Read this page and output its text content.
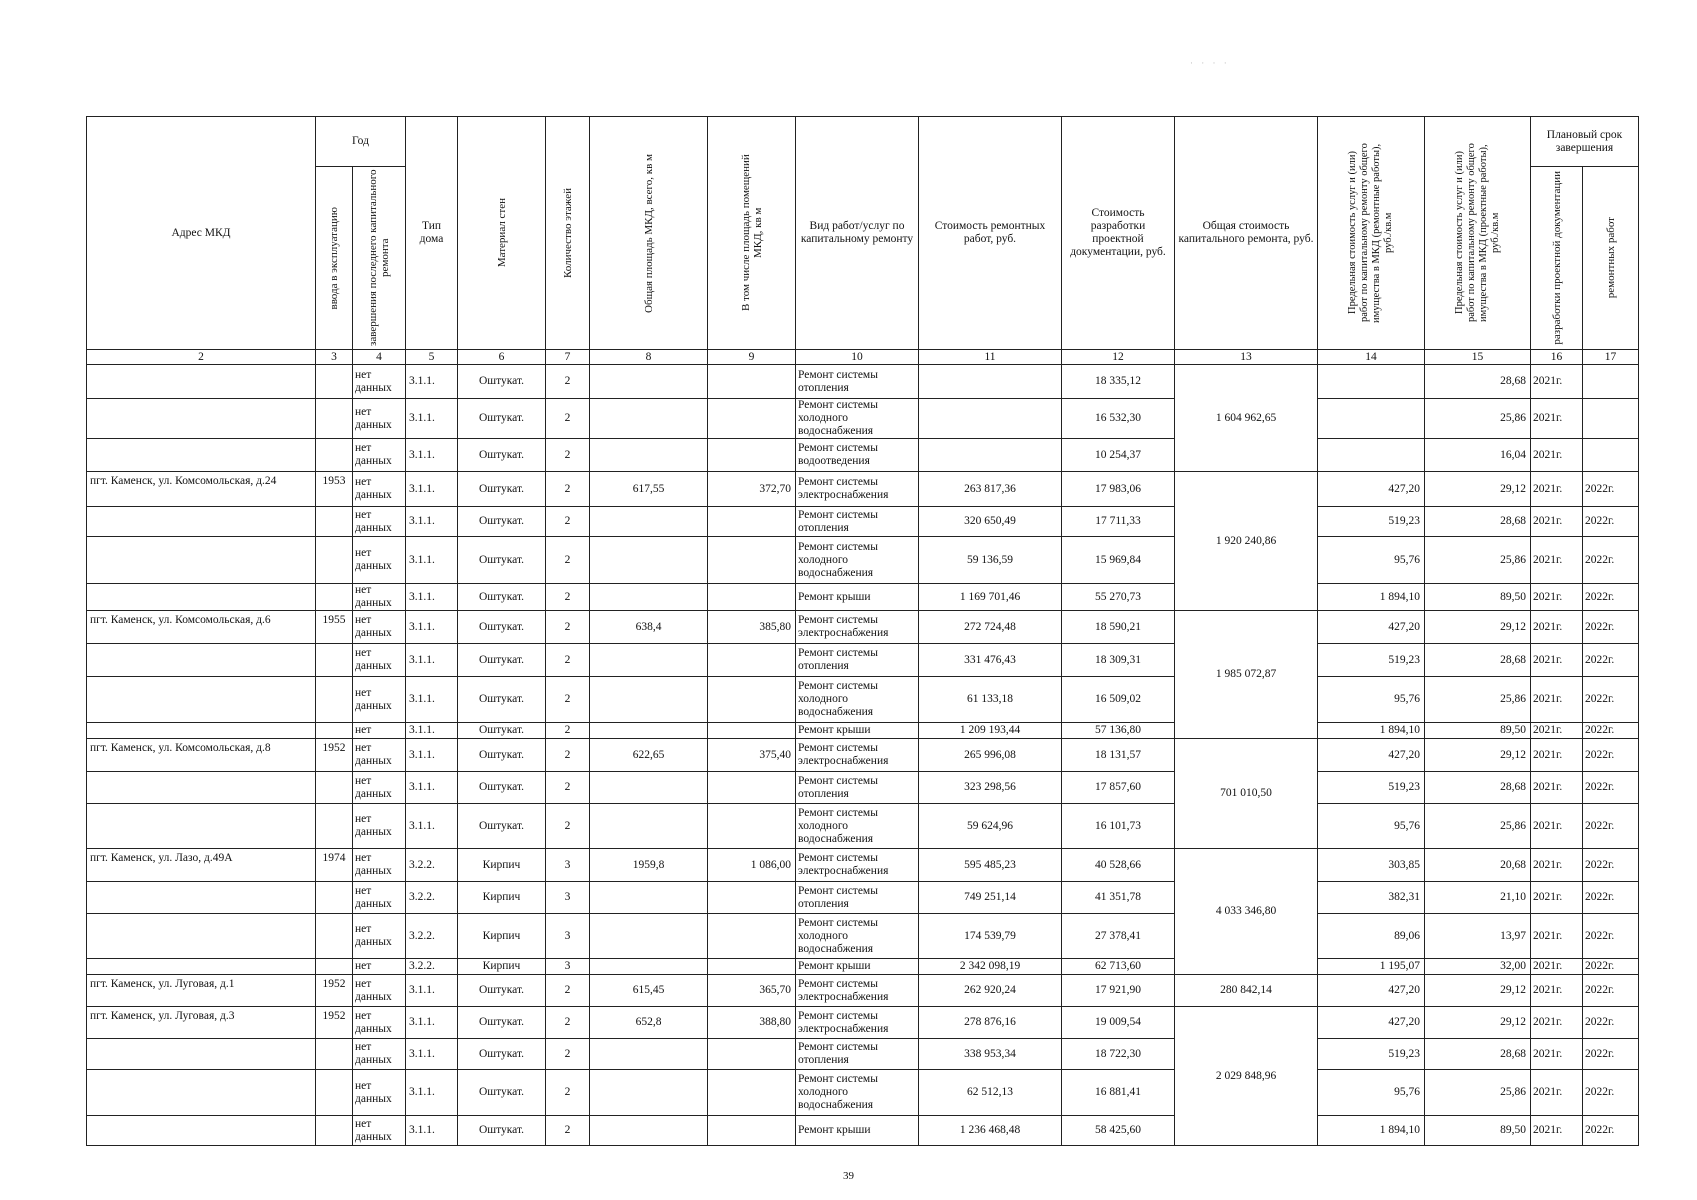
· · · ·
Адрес МКД	Год		Тип дома	Материал стен	Количество этажей	Общая площадь МКД, всего, кв м	В том числе площадь помещений МКД, кв м	Вид работ/услуг по капитальному ремонту	Стоимость ремонтных работ, руб.	Стоимость разработки проектной документации, руб.	Общая стоимость капитального ремонта, руб.	Предельная стоимость услуг и (или) работ по капитальному ремонту общего имущества в МКД (ремонтные работы), руб./кв.м	Предельная стоимость услуг и (или) работ по капитальному ремонту общего имущества в МКД (проектные работы), руб./кв.м	Плановый срок завершения	

	ввода в эксплуатацию	завершения последнего капитального ремонта												разработки проектной документации	ремонтных работ

2	3	4	5	6	7	8	9	10	11	12	13	14	15	16	17
		нет данных	3.1.1.	Оштукат.	2			Ремонт системы отопления		18 335,12	1 604 962,65		28,68	2021г.	
		нет данных	3.1.1.	Оштукат.	2			Ремонт системы холодного водоснабжения		16 532,30			25,86	2021г.	
		нет данных	3.1.1.	Оштукат.	2			Ремонт системы водоотведения		10 254,37			16,04	2021г.	
пгт. Каменск, ул. Комсомольская, д.24	1953	нет данных	3.1.1.	Оштукат.	2	617,55	372,70	Ремонт системы электроснабжения	263 817,36	17 983,06	1 920 240,86	427,20	29,12	2021г.	2022г.
		нет данных	3.1.1.	Оштукат.	2			Ремонт системы отопления	320 650,49	17 711,33		519,23	28,68	2021г.	2022г.
		нет данных	3.1.1.	Оштукат.	2			Ремонт системы холодного водоснабжения	59 136,59	15 969,84		95,76	25,86	2021г.	2022г.
		нет данных	3.1.1.	Оштукат.	2			Ремонт крыши	1 169 701,46	55 270,73		1 894,10	89,50	2021г.	2022г.
пгт. Каменск, ул. Комсомольская, д.6	1955	нет данных	3.1.1.	Оштукат.	2	638,4	385,80	Ремонт системы электроснабжения	272 724,48	18 590,21	1 985 072,87	427,20	29,12	2021г.	2022г.
		нет данных	3.1.1.	Оштукат.	2			Ремонт системы отопления	331 476,43	18 309,31		519,23	28,68	2021г.	2022г.
		нет данных	3.1.1.	Оштукат.	2			Ремонт системы холодного водоснабжения	61 133,18	16 509,02		95,76	25,86	2021г.	2022г.
		нет	3.1.1.	Оштукат.	2			Ремонт крыши	1 209 193,44	57 136,80		1 894,10	89,50	2021г.	2022г.
пгт. Каменск, ул. Комсомольская, д.8	1952	нет данных	3.1.1.	Оштукат.	2	622,65	375,40	Ремонт системы электроснабжения	265 996,08	18 131,57	701 010,50	427,20	29,12	2021г.	2022г.
		нет данных	3.1.1.	Оштукат.	2			Ремонт системы отопления	323 298,56	17 857,60		519,23	28,68	2021г.	2022г.
		нет данных	3.1.1.	Оштукат.	2			Ремонт системы холодного водоснабжения	59 624,96	16 101,73		95,76	25,86	2021г.	2022г.
пгт. Каменск, ул. Лазо, д.49А	1974	нет данных	3.2.2.	Кирпич	3	1959,8	1 086,00	Ремонт системы электроснабжения	595 485,23	40 528,66	4 033 346,80	303,85	20,68	2021г.	2022г.
		нет данных	3.2.2.	Кирпич	3			Ремонт системы отопления	749 251,14	41 351,78		382,31	21,10	2021г.	2022г.
		нет данных	3.2.2.	Кирпич	3			Ремонт системы холодного водоснабжения	174 539,79	27 378,41		89,06	13,97	2021г.	2022г.
		нет	3.2.2.	Кирпич	3			Ремонт крыши	2 342 098,19	62 713,60		1 195,07	32,00	2021г.	2022г.
пгт. Каменск, ул. Луговая, д.1	1952	нет данных	3.1.1.	Оштукат.	2	615,45	365,70	Ремонт системы электроснабжения	262 920,24	17 921,90	280 842,14	427,20	29,12	2021г.	2022г.
пгт. Каменск, ул. Луговая, д.3	1952	нет данных	3.1.1.	Оштукат.	2	652,8	388,80	Ремонт системы электроснабжения	278 876,16	19 009,54	2 029 848,96	427,20	29,12	2021г.	2022г.
		нет данных	3.1.1.	Оштукат.	2			Ремонт системы отопления	338 953,34	18 722,30		519,23	28,68	2021г.	2022г.
		нет данных	3.1.1.	Оштукат.	2			Ремонт системы холодного водоснабжения	62 512,13	16 881,41		95,76	25,86	2021г.	2022г.
		нет данных	3.1.1.	Оштукат.	2			Ремонт крыши	1 236 468,48	58 425,60		1 894,10	89,50	2021г.	2022г.
39
